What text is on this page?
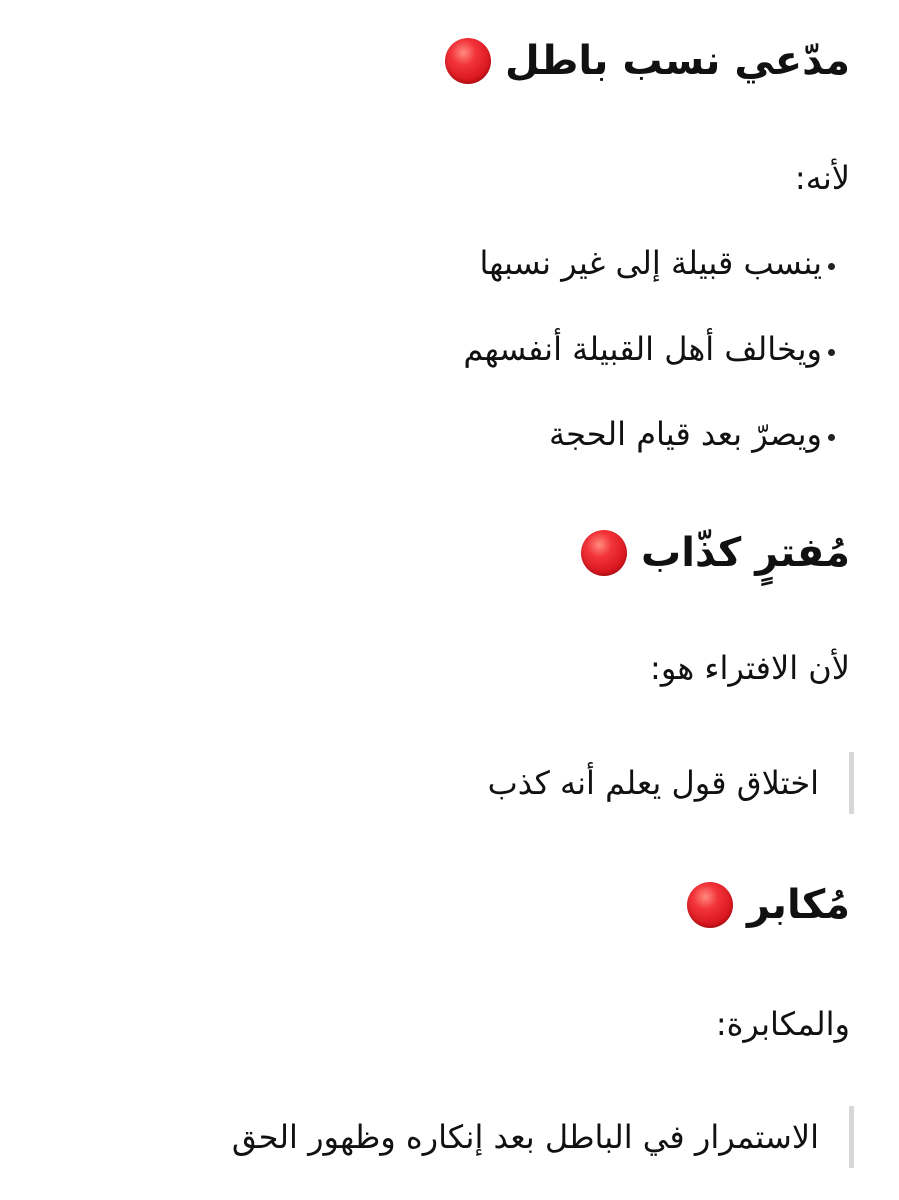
مدّعي نسب باطل
لأنه:
ينسب قبيلة إلى غير نسبها
ويخالف أهل القبيلة أنفسهم
ويصرّ بعد قيام الحجة
مُفترٍ كذّاب
لأن الافتراء هو:
اختلاق قول يعلم أنه كذب
مُكابر
والمكابرة:
الاستمرار في الباطل بعد إنكاره وظهور الحق
